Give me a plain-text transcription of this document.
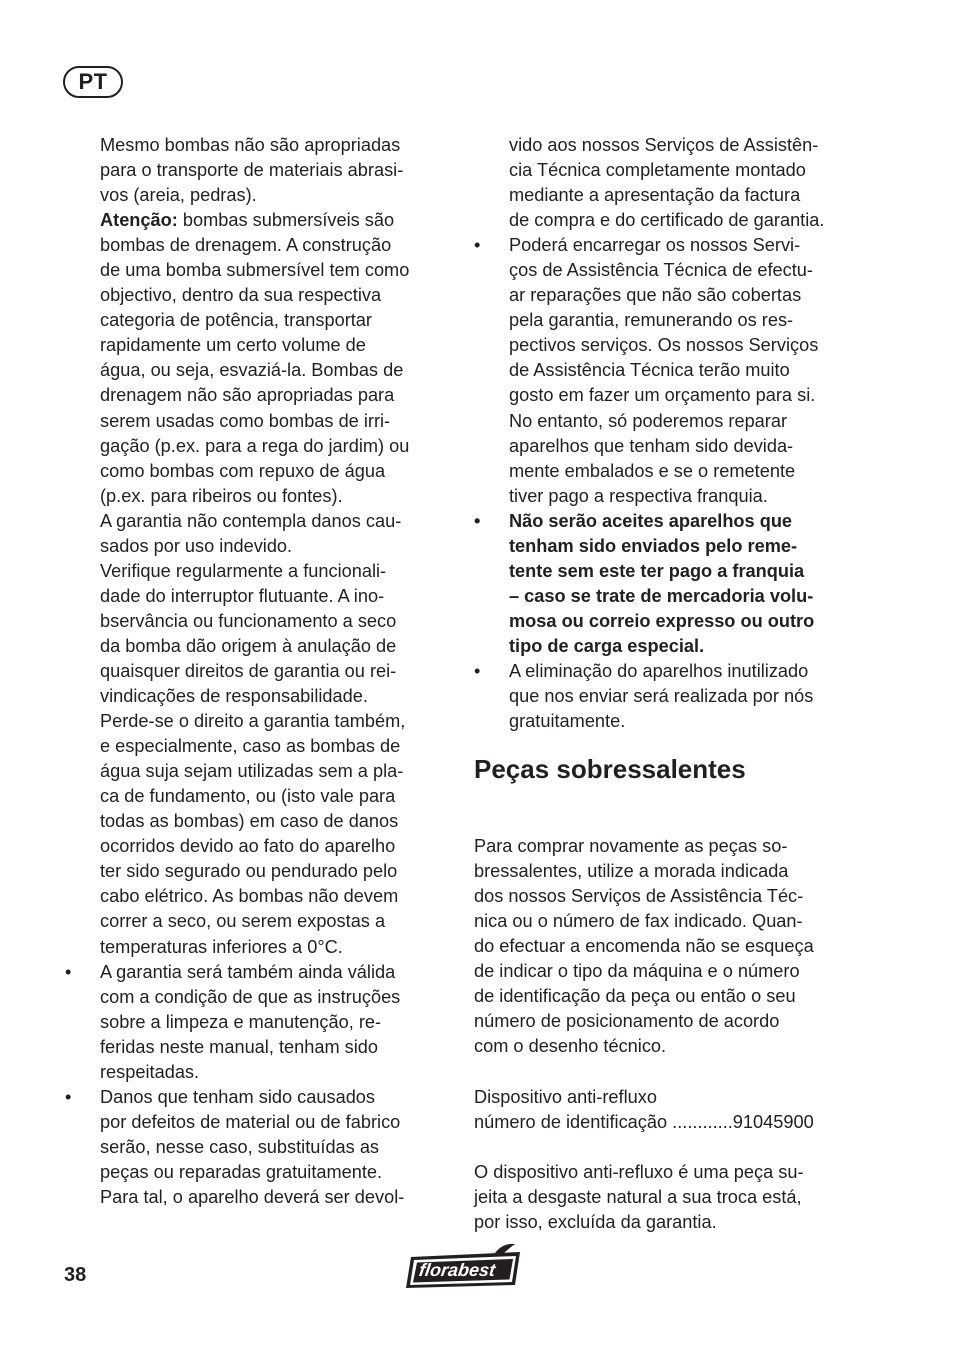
PT
Mesmo bombas não são apropriadas
para o transporte de materiais abrasi-
vos (areia, pedras).
Atenção: bombas submersíveis são
bombas de drenagem. A construção
de uma bomba submersível tem como
objectivo, dentro da sua respectiva
categoria de potência, transportar
rapidamente um certo volume de
água, ou seja, esvaziá-la. Bombas de
drenagem não são apropriadas para
serem usadas como bombas de irri-
gação (p.ex. para a rega do jardim) ou
como bombas com repuxo de água
(p.ex. para ribeiros ou fontes).
A garantia não contempla danos cau-
sados por uso indevido.
Verifique regularmente a funcionali-
dade do interruptor flutuante. A ino-
bservância ou funcionamento a seco
da bomba dão origem à anulação de
quaisquer direitos de garantia ou rei-
vindicações de responsabilidade.
Perde-se o direito a garantia também,
e especialmente, caso as bombas de
água suja sejam utilizadas sem a pla-
ca de fundamento, ou (isto vale para
todas as bombas) em caso de danos
ocorridos devido ao fato do aparelho
ter sido segurado ou pendurado pelo
cabo elétrico. As bombas não devem
correr a seco, ou serem expostas a
temperaturas inferiores a 0°C.
• A garantia será também ainda válida
com a condição de que as instruções
sobre a limpeza e manutenção, re-
feridas neste manual, tenham sido
respeitadas.
• Danos que tenham sido causados
por defeitos de material ou de fabrico
serão, nesse caso, substituídas as
peças ou reparadas gratuitamente.
Para tal, o aparelho deverá ser devol-
vido aos nossos Serviços de Assistên-
cia Técnica completamente montado
mediante a apresentação da factura
de compra e do certificado de garantia.
• Poderá encarregar os nossos Servi-
ços de Assistência Técnica de efectu-
ar reparações que não são cobertas
pela garantia, remunerando os res-
pectivos serviços. Os nossos Serviços
de Assistência Técnica terão muito
gosto em fazer um orçamento para si.
No entanto, só poderemos reparar
aparelhos que tenham sido devida-
mente embalados e se o remetente
tiver pago a respectiva franquia.
• Não serão aceites aparelhos que
tenham sido enviados pelo reme-
tente sem este ter pago a franquia
– caso se trate de mercadoria volu-
mosa ou correio expresso ou outro
tipo de carga especial.
• A eliminação do aparelhos inutilizado
que nos enviar será realizada por nós
gratuitamente.
Peças sobressalentes
Para comprar novamente as peças so-
bressalentes, utilize a morada indicada
dos nossos Serviços de Assistência Téc-
nica ou o número de fax indicado. Quan-
do efectuar a encomenda não se esqueça
de indicar o tipo da máquina e o número
de identificação da peça ou então o seu
número de posicionamento de acordo
com o desenho técnico.
Dispositivo anti-refluxo
número de identificação ............91045900
O dispositivo anti-refluxo é uma peça su-
jeita a desgaste natural a sua troca está,
por isso, excluída da garantia.
38	florabest
